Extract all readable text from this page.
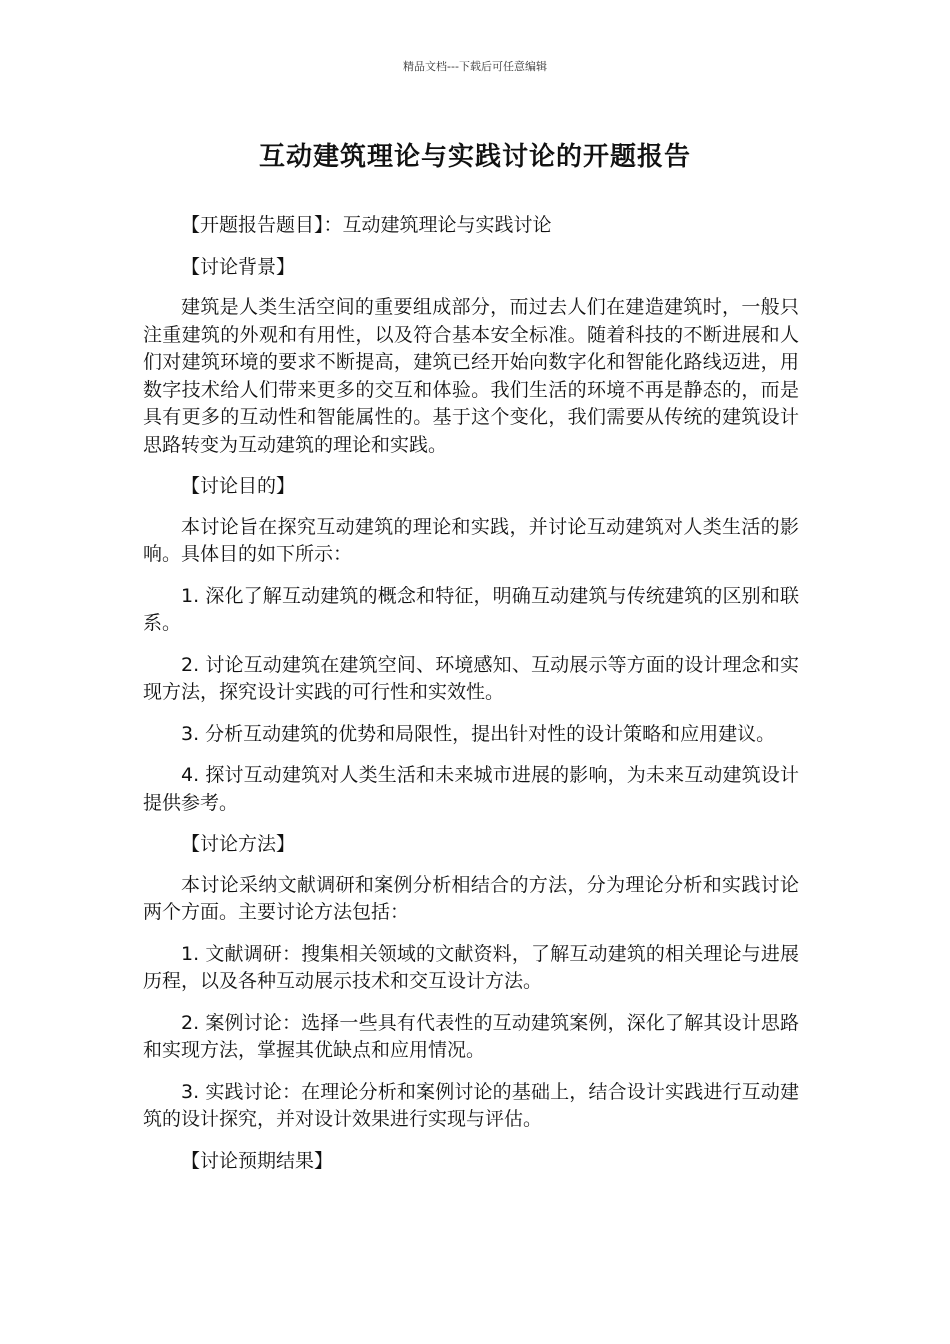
精品文档---下载后可任意编辑
互动建筑理论与实践讨论的开题报告

【开题报告题目】：互动建筑理论与实践讨论

【讨论背景】

建筑是人类生活空间的重要组成部分，而过去人们在建造建筑时，一般只注重建筑的外观和有用性，以及符合基本安全标准。随着科技的不断进展和人们对建筑环境的要求不断提高，建筑已经开始向数字化和智能化路线迈进，用数字技术给人们带来更多的交互和体验。我们生活的环境不再是静态的，而是具有更多的互动性和智能属性的。基于这个变化，我们需要从传统的建筑设计思路转变为互动建筑的理论和实践。

【讨论目的】

本讨论旨在探究互动建筑的理论和实践，并讨论互动建筑对人类生活的影响。具体目的如下所示：

1. 深化了解互动建筑的概念和特征，明确互动建筑与传统建筑的区别和联系。

2. 讨论互动建筑在建筑空间、环境感知、互动展示等方面的设计理念和实现方法，探究设计实践的可行性和实效性。

3. 分析互动建筑的优势和局限性，提出针对性的设计策略和应用建议。

4. 探讨互动建筑对人类生活和未来城市进展的影响，为未来互动建筑设计提供参考。

【讨论方法】

本讨论采纳文献调研和案例分析相结合的方法，分为理论分析和实践讨论两个方面。主要讨论方法包括：

1. 文献调研：搜集相关领域的文献资料，了解互动建筑的相关理论与进展历程，以及各种互动展示技术和交互设计方法。

2. 案例讨论：选择一些具有代表性的互动建筑案例，深化了解其设计思路和实现方法，掌握其优缺点和应用情况。

3. 实践讨论：在理论分析和案例讨论的基础上，结合设计实践进行互动建筑的设计探究，并对设计效果进行实现与评估。

【讨论预期结果】
